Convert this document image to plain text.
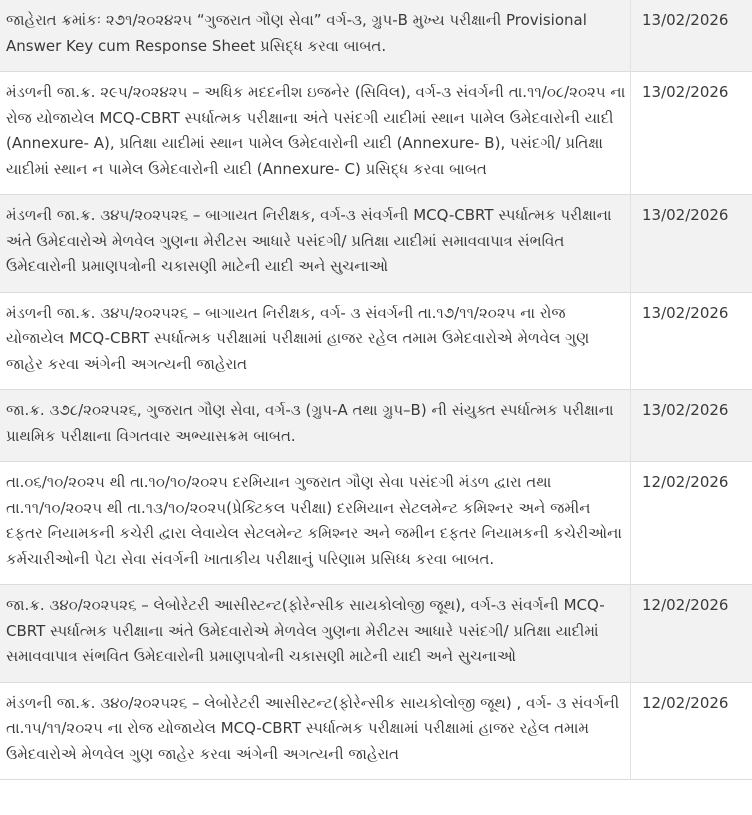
જાહેરાત ક્રમાંકઃ ૨૭૧/૨૦૨૪૨૫ “ગુજરાત ગૌણ સેવા” વર્ગ-૩, ગ્રુપ-B મુખ્ય પરીક્ષાની Provisional Answer Key cum Response Sheet પ્રસિદ્ધ કરવા બાબત.	13/02/2026
મંડળની જા.ક્ર. ૨૯૫/૨૦૨૪૨૫ – અધિક મદદનીશ ઇજનેર (સિવિલ), વર્ગ-૩ સંવર્ગની તા.૧૧/૦૮/૨૦૨૫ ના રોજ યોજાયેલ MCQ-CBRT સ્પર્ધાત્મક પરીક્ષાના અંતે પસંદગી યાદીમાં સ્થાન પામેલ ઉમેદવારોની યાદી (Annexure- A), પ્રતિક્ષા યાદીમાં સ્થાન પામેલ ઉમેદવારોની યાદી (Annexure- B), પસંદગી/ પ્રતિક્ષા યાદીમાં સ્થાન ન પામેલ ઉમેદવારોની યાદી (Annexure- C) પ્રસિદ્ધ કરવા બાબત	13/02/2026
મંડળની જા.ક્ર. ૩૪૫/૨૦૨૫૨૬ – બાગાયત નિરીક્ષક, વર્ગ-૩ સંવર્ગની MCQ-CBRT સ્પર્ધાત્મક પરીક્ષાના અંતે ઉમેદવારોએ મેળવેલ ગુણના મેરીટસ આધારે પસંદગી/ પ્રતિક્ષા યાદીમાં સમાવવાપાત્ર સંભવિત ઉમેદવારોની પ્રમાણપત્રોની ચકાસણી માટેની યાદી અને સુચનાઓ	13/02/2026
મંડળની જા.ક્ર. ૩૪૫/૨૦૨૫૨૬ – બાગાયત નિરીક્ષક, વર્ગ- ૩ સંવર્ગની તા.૧૭/૧૧/૨૦૨૫ ના રોજ યોજાયેલ MCQ-CBRT સ્પર્ધાત્મક પરીક્ષામાં પરીક્ષામાં હાજર રહેલ તમામ ઉમેદવારોએ મેળવેલ ગુણ જાહેર કરવા અંગેની અગત્યની જાહેરાત	13/02/2026
જા.ક્ર. ૩૭૮/૨૦૨૫૨૬, ગુજરાત ગૌણ સેવા, વર્ગ-૩ (ગ્રુપ-A તથા ગ્રુપ–B) ની સંયુક્ત સ્પર્ધાત્મક પરીક્ષાના પ્રાથમિક પરીક્ષાના વિગતવાર અભ્યાસક્રમ બાબત.	13/02/2026
તા.૦૬/૧૦/૨૦૨૫ થી તા.૧૦/૧૦/૨૦૨૫ દરમિયાન ગુજરાત ગૌણ સેવા પસંદગી મંડળ દ્વારા તથા તા.૧૧/૧૦/૨૦૨૫ થી તા.૧૩/૧૦/૨૦૨૫(પ્રેક્ટિકલ પરીક્ષા) દરમિયાન સેટલમેન્ટ કમિશ્નર અને જમીન દફતર નિયામકની કચેરી દ્વારા લેવાયેલ સેટલમેન્ટ કમિશ્નર અને જમીન દફતર નિયામકની કચેરીઓના કર્મચારીઓની પેટા સેવા સંવર્ગની ખાતાકીય પરીક્ષાનું પરિણામ પ્રસિધ્ધ કરવા બાબત.	12/02/2026
જા.ક્ર. ૩૪૦/૨૦૨૫૨૬ – લેબોરેટરી આસીસ્ટન્ટ(ફોરેન્સીક સાયકોલોજી જૂથ), વર્ગ-૩ સંવર્ગની MCQ-CBRT સ્પર્ધાત્મક પરીક્ષાના અંતે ઉમેદવારોએ મેળવેલ ગુણના મેરીટસ આધારે પસંદગી/ પ્રતિક્ષા યાદીમાં સમાવવાપાત્ર સંભવિત ઉમેદવારોની પ્રમાણપત્રોની ચકાસણી માટેની યાદી અને સુચનાઓ	12/02/2026
મંડળની જા.ક્ર. ૩૪૦/૨૦૨૫૨૬ – લેબોરેટરી આસીસ્ટન્ટ(ફોરેન્સીક સાયકોલોજી જૂથ) , વર્ગ- ૩ સંવર્ગની તા.૧૫/૧૧/૨૦૨૫ ના રોજ યોજાયેલ MCQ-CBRT સ્પર્ધાત્મક પરીક્ષામાં પરીક્ષામાં હાજર રહેલ તમામ ઉમેદવારોએ મેળવેલ ગુણ જાહેર કરવા અંગેની અગત્યની જાહેરાત	12/02/2026
